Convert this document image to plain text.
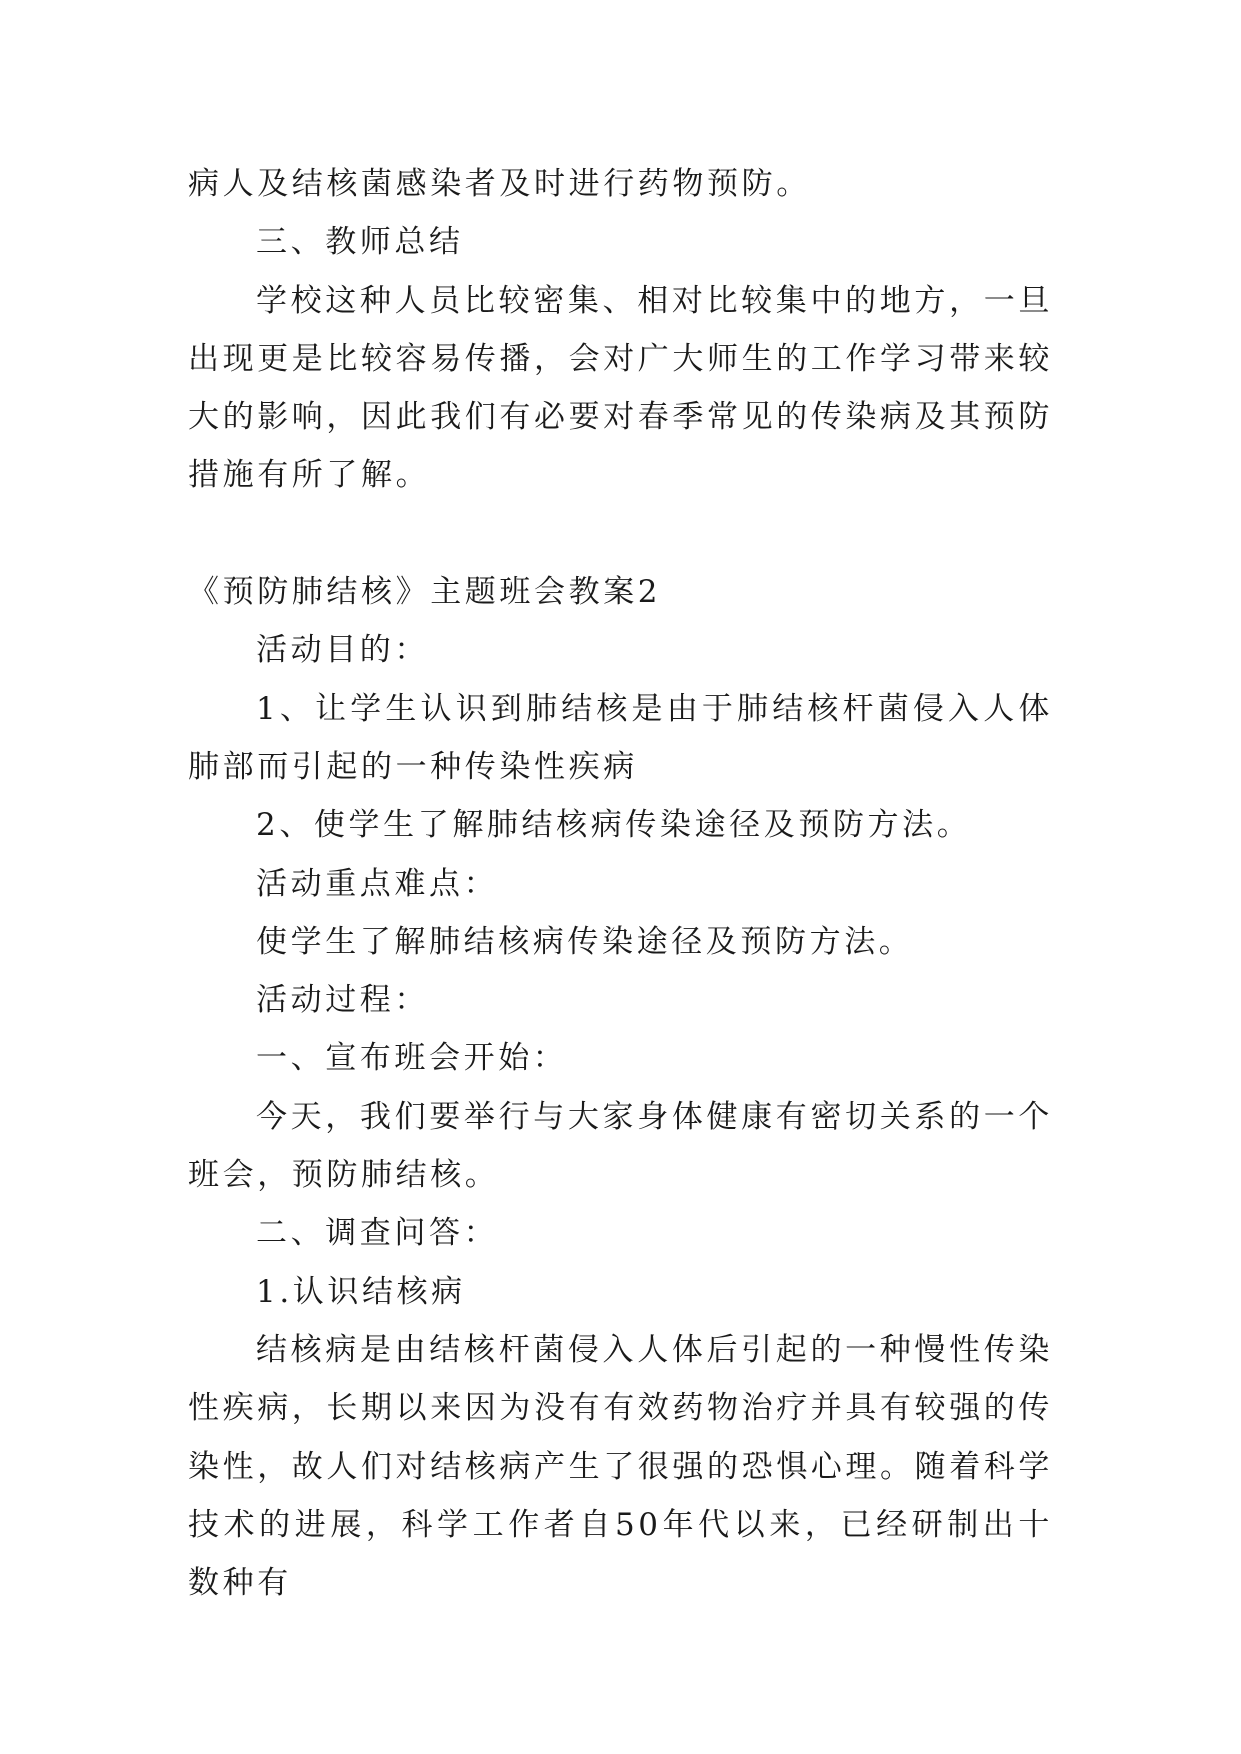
病人及结核菌感染者及时进行药物预防。

三、教师总结

学校这种人员比较密集、相对比较集中的地方，一旦出现更是比较容易传播，会对广大师生的工作学习带来较大的影响，因此我们有必要对春季常见的传染病及其预防措施有所了解。

《预防肺结核》主题班会教案2

活动目的：

1、让学生认识到肺结核是由于肺结核杆菌侵入人体肺部而引起的一种传染性疾病

2、使学生了解肺结核病传染途径及预防方法。

活动重点难点：

使学生了解肺结核病传染途径及预防方法。

活动过程：

一、宣布班会开始：

今天，我们要举行与大家身体健康有密切关系的一个班会，预防肺结核。

二、调查问答：

1.认识结核病

结核病是由结核杆菌侵入人体后引起的一种慢性传染性疾病，长期以来因为没有有效药物治疗并具有较强的传染性，故人们对结核病产生了很强的恐惧心理。随着科学技术的进展，科学工作者自50年代以来，已经研制出十数种有
